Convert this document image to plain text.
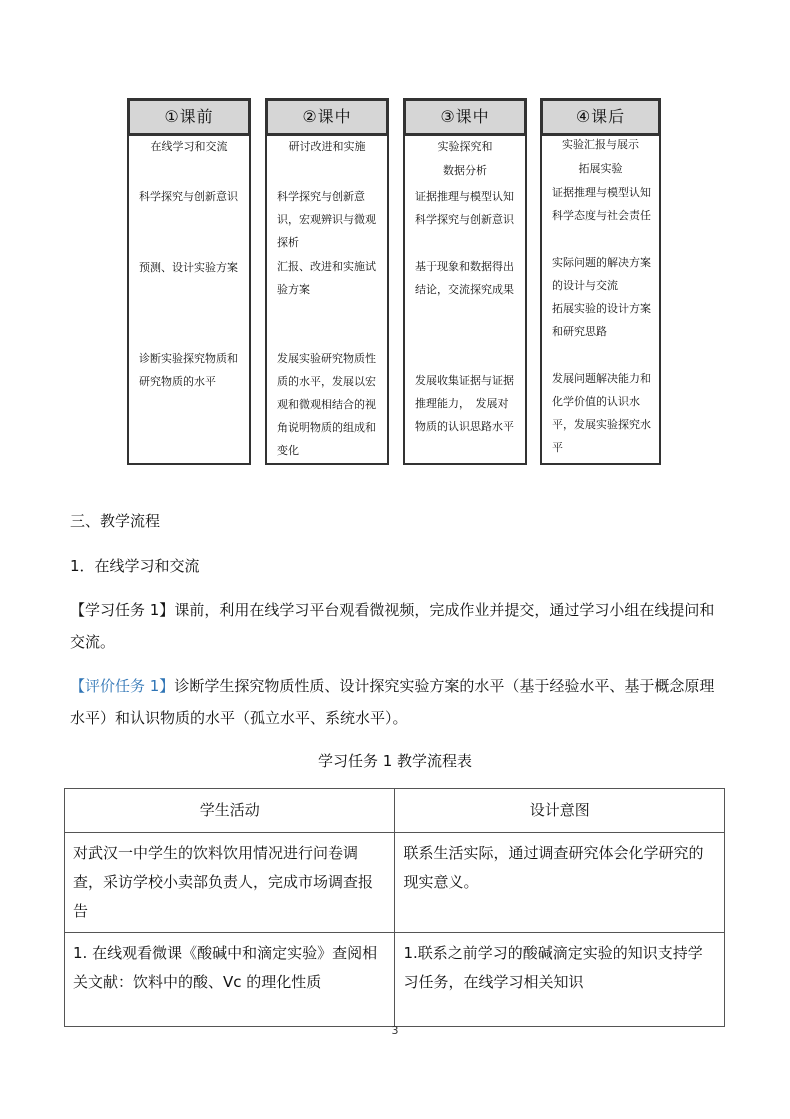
①课前
在线学习和交流
科学探究与创新意识
预测、设计实验方案
诊断实验探究物质和研究物质的水平
②课中
研讨改进和实施
科学探究与创新意识，宏观辨识与微观探析
汇报、改进和实施试验方案
发展实验研究物质性质的水平，发展以宏观和微观相结合的视角说明物质的组成和变化
③课中
实验探究和
数据分析
证据推理与模型认知　科学探究与创新意识
基于现象和数据得出结论，交流探究成果
发展收集证据与证据推理能力，　发展对物质的认识思路水平
④课后
实验汇报与展示
拓展实验
证据推理与模型认知　科学态度与社会责任
实际问题的解决方案的设计与交流
拓展实验的设计方案和研究思路
发展问题解决能力和化学价值的认识水平，发展实验探究水平
三、教学流程
1．在线学习和交流
【学习任务 1】课前，利用在线学习平台观看微视频，完成作业并提交，通过学习小组在线提问和交流。
【评价任务 1】诊断学生探究物质性质、设计探究实验方案的水平（基于经验水平、基于概念原理水平）和认识物质的水平（孤立水平、系统水平）。
学习任务 1 教学流程表
学生活动	设计意图
对武汉一中学生的饮料饮用情况进行问卷调查，采访学校小卖部负责人，完成市场调查报告	联系生活实际，通过调查研究体会化学研究的现实意义。
1. 在线观看微课《酸碱中和滴定实验》查阅相关文献：饮料中的酸、Vc 的理化性质	1.联系之前学习的酸碱滴定实验的知识支持学习任务，在线学习相关知识
3
